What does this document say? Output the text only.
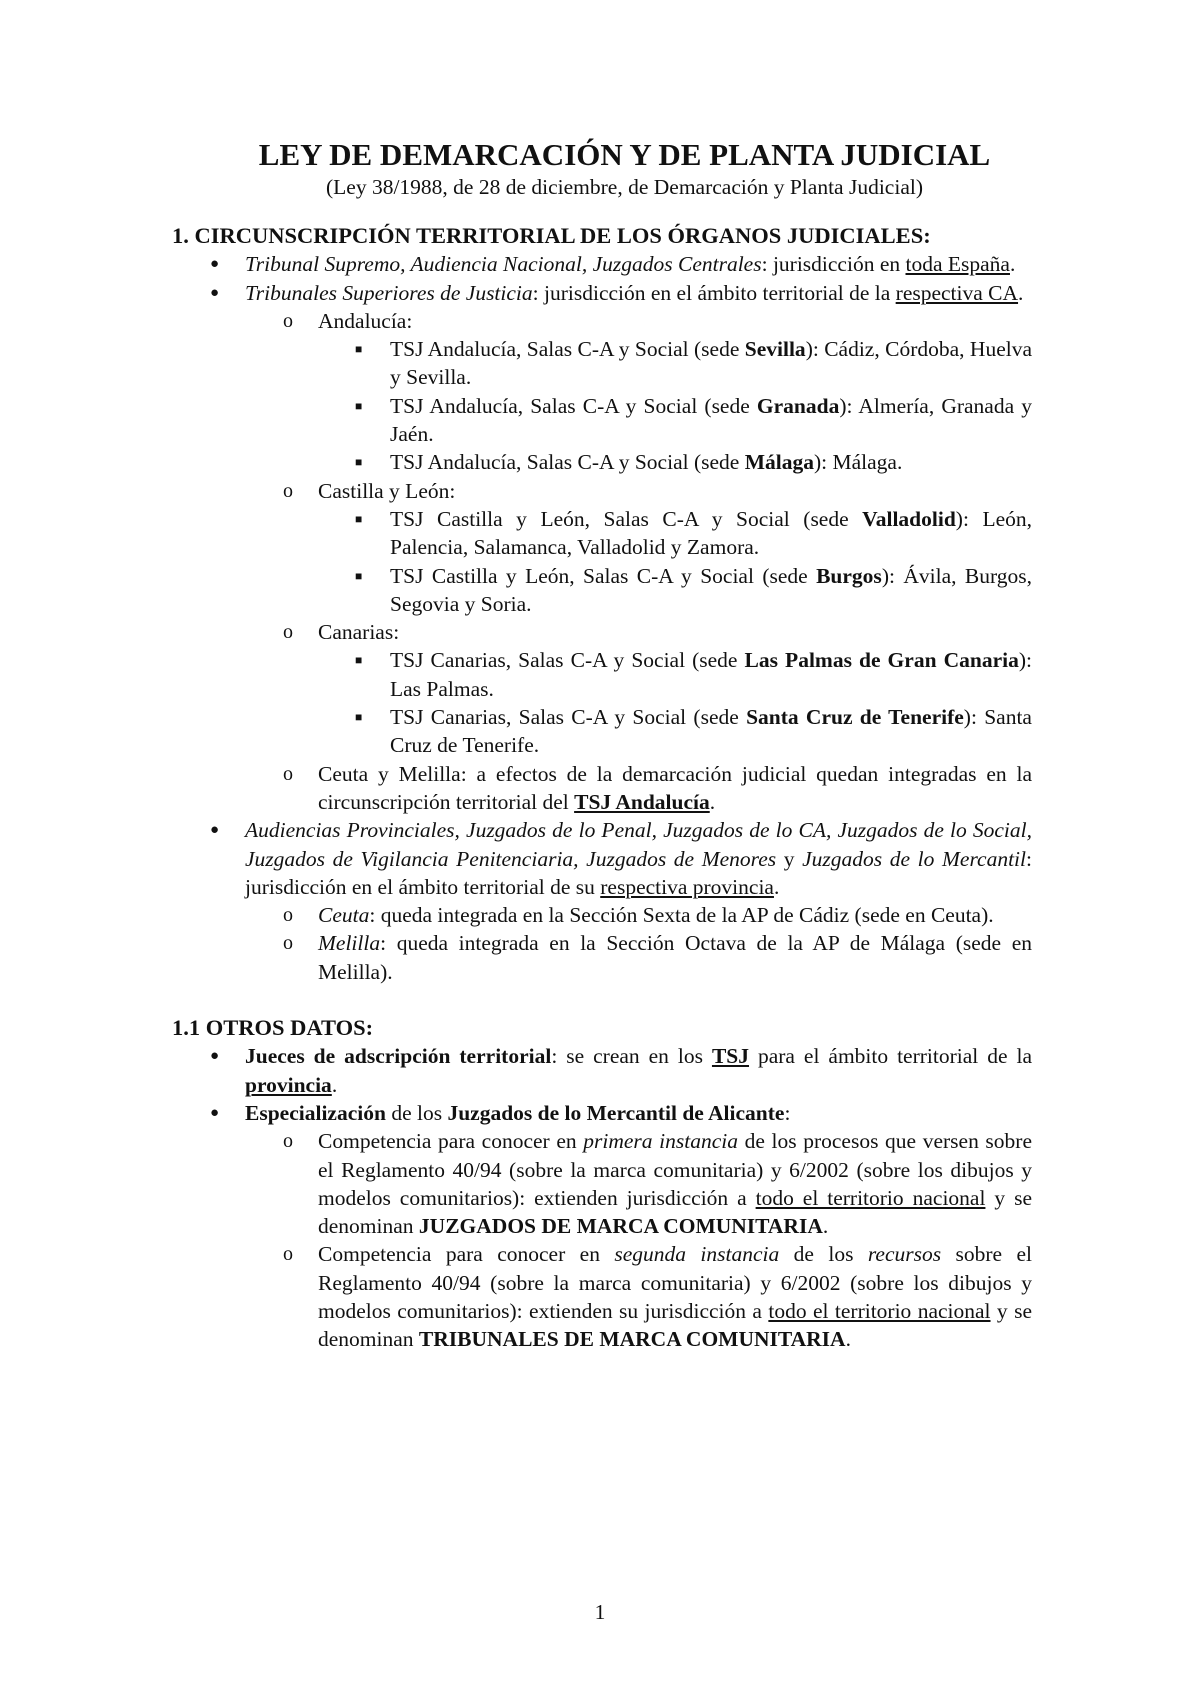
LEY DE DEMARCACIÓN Y DE PLANTA JUDICIAL
(Ley 38/1988, de 28 de diciembre, de Demarcación y Planta Judicial)
1. CIRCUNSCRIPCIÓN TERRITORIAL DE LOS ÓRGANOS JUDICIALES:

● Tribunal Supremo, Audiencia Nacional, Juzgados Centrales: jurisdicción en toda España.

● Tribunales Superiores de Justicia: jurisdicción en el ámbito territorial de la respectiva CA.

o Andalucía:

■ TSJ Andalucía, Salas C-A y Social (sede Sevilla): Cádiz, Córdoba, Huelva y Sevilla.

■ TSJ Andalucía, Salas C-A y Social (sede Granada): Almería, Granada y Jaén.

■ TSJ Andalucía, Salas C-A y Social (sede Málaga): Málaga.

o Castilla y León:

■ TSJ Castilla y León, Salas C-A y Social (sede Valladolid): León, Palencia, Salamanca, Valladolid y Zamora.

■ TSJ Castilla y León, Salas C-A y Social (sede Burgos): Ávila, Burgos, Segovia y Soria.

o Canarias:

■ TSJ Canarias, Salas C-A y Social (sede Las Palmas de Gran Canaria): Las Palmas.

■ TSJ Canarias, Salas C-A y Social (sede Santa Cruz de Tenerife): Santa Cruz de Tenerife.

o Ceuta y Melilla: a efectos de la demarcación judicial quedan integradas en la circunscripción territorial del TSJ Andalucía.

● Audiencias Provinciales, Juzgados de lo Penal, Juzgados de lo CA, Juzgados de lo Social, Juzgados de Vigilancia Penitenciaria, Juzgados de Menores y Juzgados de lo Mercantil: jurisdicción en el ámbito territorial de su respectiva provincia.

o Ceuta: queda integrada en la Sección Sexta de la AP de Cádiz (sede en Ceuta).

o Melilla: queda integrada en la Sección Octava de la AP de Málaga (sede en Melilla).

1.1 OTROS DATOS:

● Jueces de adscripción territorial: se crean en los TSJ para el ámbito territorial de la provincia.

● Especialización de los Juzgados de lo Mercantil de Alicante:

o Competencia para conocer en primera instancia de los procesos que versen sobre el Reglamento 40/94 (sobre la marca comunitaria) y 6/2002 (sobre los dibujos y modelos comunitarios): extienden jurisdicción a todo el territorio nacional y se denominan JUZGADOS DE MARCA COMUNITARIA.

o Competencia para conocer en segunda instancia de los recursos sobre el Reglamento 40/94 (sobre la marca comunitaria) y 6/2002 (sobre los dibujos y modelos comunitarios): extienden su jurisdicción a todo el territorio nacional y se denominan TRIBUNALES DE MARCA COMUNITARIA.

1
